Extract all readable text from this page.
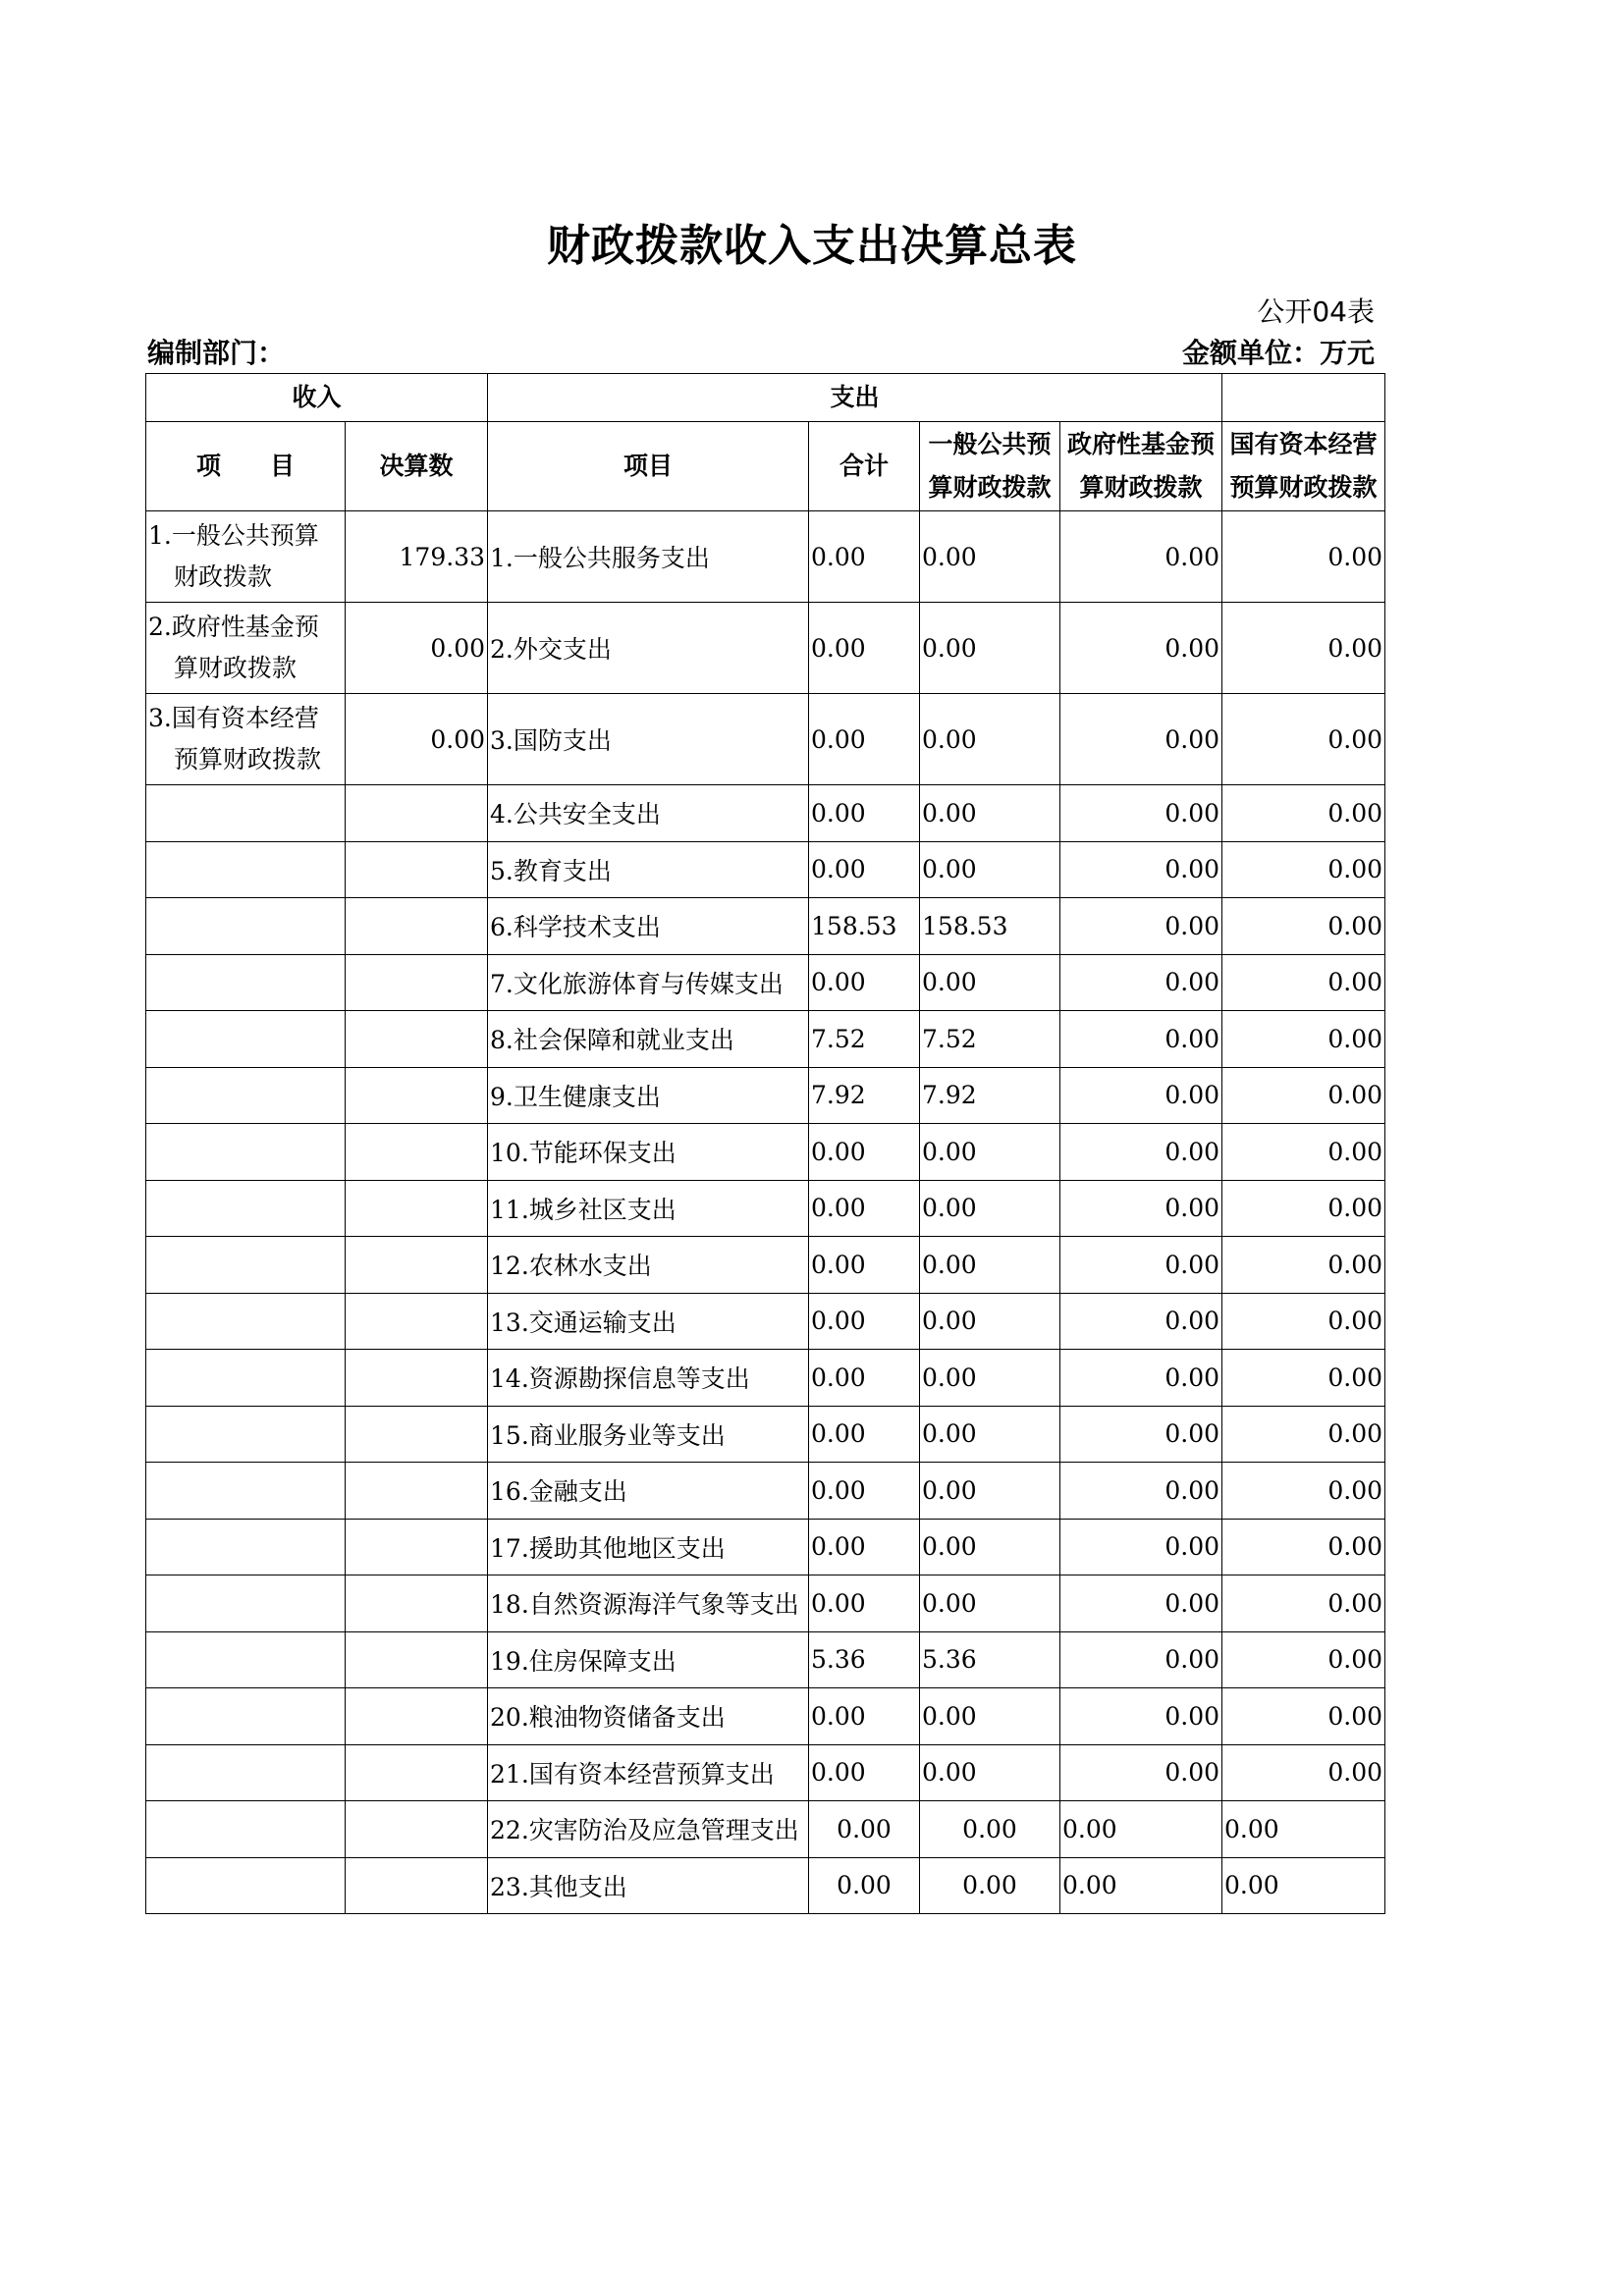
财政拨款收入支出决算总表
公开04表
编制部门：	金额单位：万元
收入		支出				
项　　目	决算数	项目	合计	一般公共预算财政拨款	政府性基金预算财政拨款	国有资本经营预算财政拨款

1.一般公共预算
财政拨款	179.33	1.一般公共服务支出	0.00	0.00	0.00	0.00

2.政府性基金预
算财政拨款	0.00	2.外交支出	0.00	0.00	0.00	0.00

3.国有资本经营
预算财政拨款	0.00	3.国防支出	0.00	0.00	0.00	0.00
		4.公共安全支出	0.00	0.00	0.00	0.00
		5.教育支出	0.00	0.00	0.00	0.00
		6.科学技术支出	158.53	158.53	0.00	0.00
		7.文化旅游体育与传媒支出	0.00	0.00	0.00	0.00
		8.社会保障和就业支出	7.52	7.52	0.00	0.00
		9.卫生健康支出	7.92	7.92	0.00	0.00
		10.节能环保支出	0.00	0.00	0.00	0.00
		11.城乡社区支出	0.00	0.00	0.00	0.00
		12.农林水支出	0.00	0.00	0.00	0.00
		13.交通运输支出	0.00	0.00	0.00	0.00
		14.资源勘探信息等支出	0.00	0.00	0.00	0.00
		15.商业服务业等支出	0.00	0.00	0.00	0.00
		16.金融支出	0.00	0.00	0.00	0.00
		17.援助其他地区支出	0.00	0.00	0.00	0.00
		18.自然资源海洋气象等支出	0.00	0.00	0.00	0.00
		19.住房保障支出	5.36	5.36	0.00	0.00
		20.粮油物资储备支出	0.00	0.00	0.00	0.00
		21.国有资本经营预算支出	0.00	0.00	0.00	0.00
		22.灾害防治及应急管理支出	0.00	0.00	0.00	0.00
		23.其他支出	0.00	0.00	0.00	0.00
